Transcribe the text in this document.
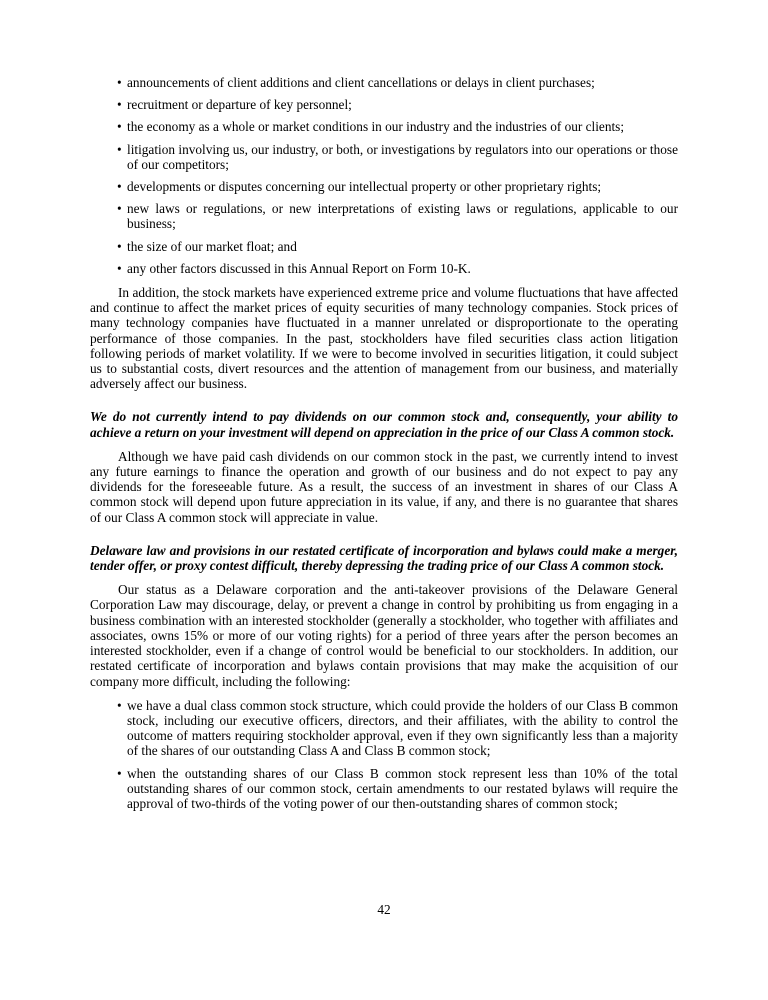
• announcements of client additions and client cancellations or delays in client purchases;
• recruitment or departure of key personnel;
• the economy as a whole or market conditions in our industry and the industries of our clients;
• litigation involving us, our industry, or both, or investigations by regulators into our operations or those of our competitors;
• developments or disputes concerning our intellectual property or other proprietary rights;
• new laws or regulations, or new interpretations of existing laws or regulations, applicable to our business;
• the size of our market float; and
• any other factors discussed in this Annual Report on Form 10-K.

In addition, the stock markets have experienced extreme price and volume fluctuations that have affected and continue to affect the market prices of equity securities of many technology companies. Stock prices of many technology companies have fluctuated in a manner unrelated or disproportionate to the operating performance of those companies. In the past, stockholders have filed securities class action litigation following periods of market volatility. If we were to become involved in securities litigation, it could subject us to substantial costs, divert resources and the attention of management from our business, and materially adversely affect our business.

We do not currently intend to pay dividends on our common stock and, consequently, your ability to achieve a return on your investment will depend on appreciation in the price of our Class A common stock.

Although we have paid cash dividends on our common stock in the past, we currently intend to invest any future earnings to finance the operation and growth of our business and do not expect to pay any dividends for the foreseeable future. As a result, the success of an investment in shares of our Class A common stock will depend upon future appreciation in its value, if any, and there is no guarantee that shares of our Class A common stock will appreciate in value.

Delaware law and provisions in our restated certificate of incorporation and bylaws could make a merger, tender offer, or proxy contest difficult, thereby depressing the trading price of our Class A common stock.

Our status as a Delaware corporation and the anti-takeover provisions of the Delaware General Corporation Law may discourage, delay, or prevent a change in control by prohibiting us from engaging in a business combination with an interested stockholder (generally a stockholder, who together with affiliates and associates, owns 15% or more of our voting rights) for a period of three years after the person becomes an interested stockholder, even if a change of control would be beneficial to our stockholders. In addition, our restated certificate of incorporation and bylaws contain provisions that may make the acquisition of our company more difficult, including the following:

• we have a dual class common stock structure, which could provide the holders of our Class B common stock, including our executive officers, directors, and their affiliates, with the ability to control the outcome of matters requiring stockholder approval, even if they own significantly less than a majority of the shares of our outstanding Class A and Class B common stock;
• when the outstanding shares of our Class B common stock represent less than 10% of the total outstanding shares of our common stock, certain amendments to our restated bylaws will require the approval of two-thirds of the voting power of our then-outstanding shares of common stock;
42
